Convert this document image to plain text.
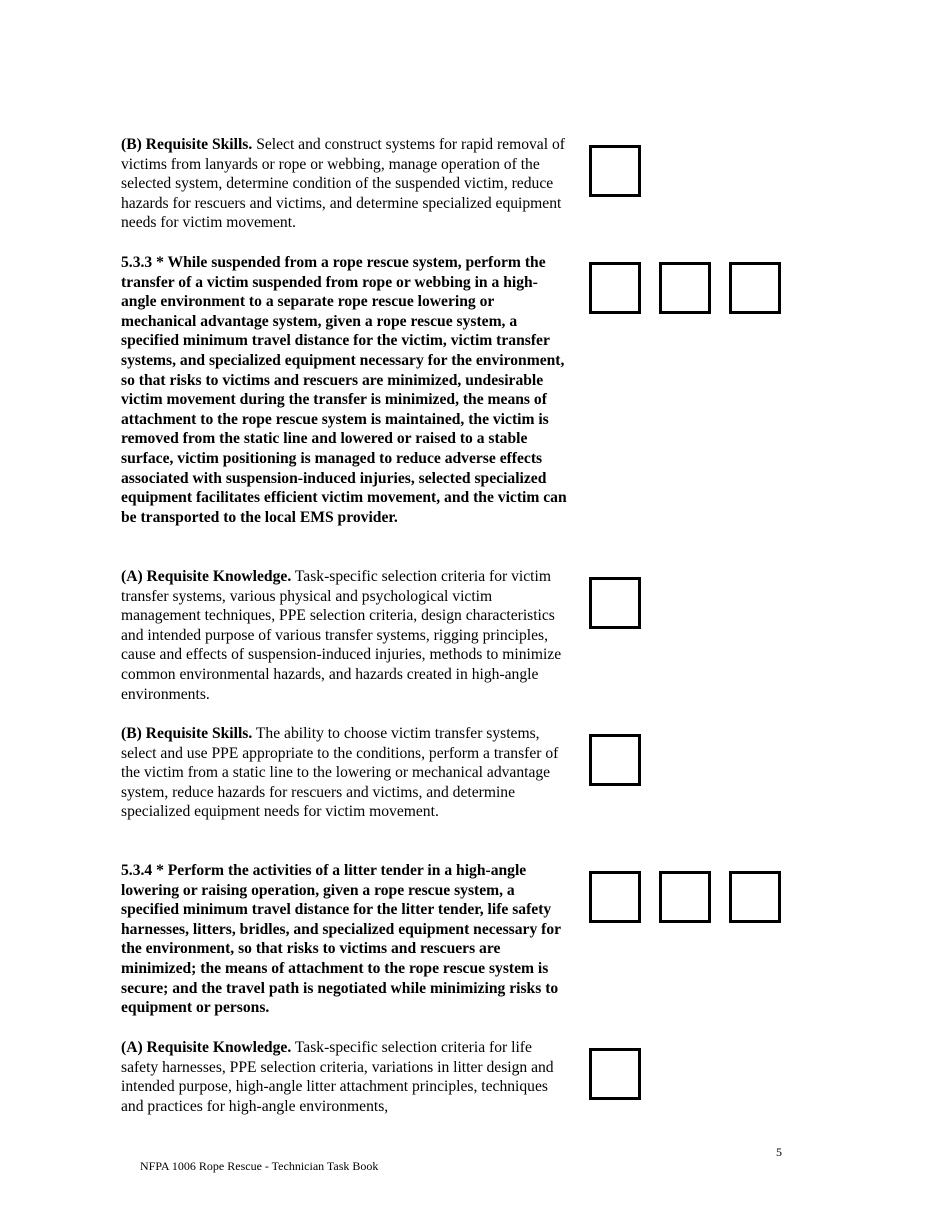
(B) Requisite Skills. Select and construct systems for rapid removal of victims from lanyards or rope or webbing, manage operation of the selected system, determine condition of the suspended victim, reduce hazards for rescuers and victims, and determine specialized equipment needs for victim movement.
5.3.3 * While suspended from a rope rescue system, perform the transfer of a victim suspended from rope or webbing in a high-angle environment to a separate rope rescue lowering or mechanical advantage system, given a rope rescue system, a specified minimum travel distance for the victim, victim transfer systems, and specialized equipment necessary for the environment, so that risks to victims and rescuers are minimized, undesirable victim movement during the transfer is minimized, the means of attachment to the rope rescue system is maintained, the victim is removed from the static line and lowered or raised to a stable surface, victim positioning is managed to reduce adverse effects associated with suspension-induced injuries, selected specialized equipment facilitates efficient victim movement, and the victim can be transported to the local EMS provider.
(A) Requisite Knowledge. Task-specific selection criteria for victim transfer systems, various physical and psychological victim management techniques, PPE selection criteria, design characteristics and intended purpose of various transfer systems, rigging principles, cause and effects of suspension-induced injuries, methods to minimize common environmental hazards, and hazards created in high-angle environments.
(B) Requisite Skills. The ability to choose victim transfer systems, select and use PPE appropriate to the conditions, perform a transfer of the victim from a static line to the lowering or mechanical advantage system, reduce hazards for rescuers and victims, and determine specialized equipment needs for victim movement.
5.3.4 * Perform the activities of a litter tender in a high-angle lowering or raising operation, given a rope rescue system, a specified minimum travel distance for the litter tender, life safety harnesses, litters, bridles, and specialized equipment necessary for the environment, so that risks to victims and rescuers are minimized; the means of attachment to the rope rescue system is secure; and the travel path is negotiated while minimizing risks to equipment or persons.
(A) Requisite Knowledge. Task-specific selection criteria for life safety harnesses, PPE selection criteria, variations in litter design and intended purpose, high-angle litter attachment principles, techniques and practices for high-angle environments,
5
NFPA 1006 Rope Rescue - Technician Task Book
